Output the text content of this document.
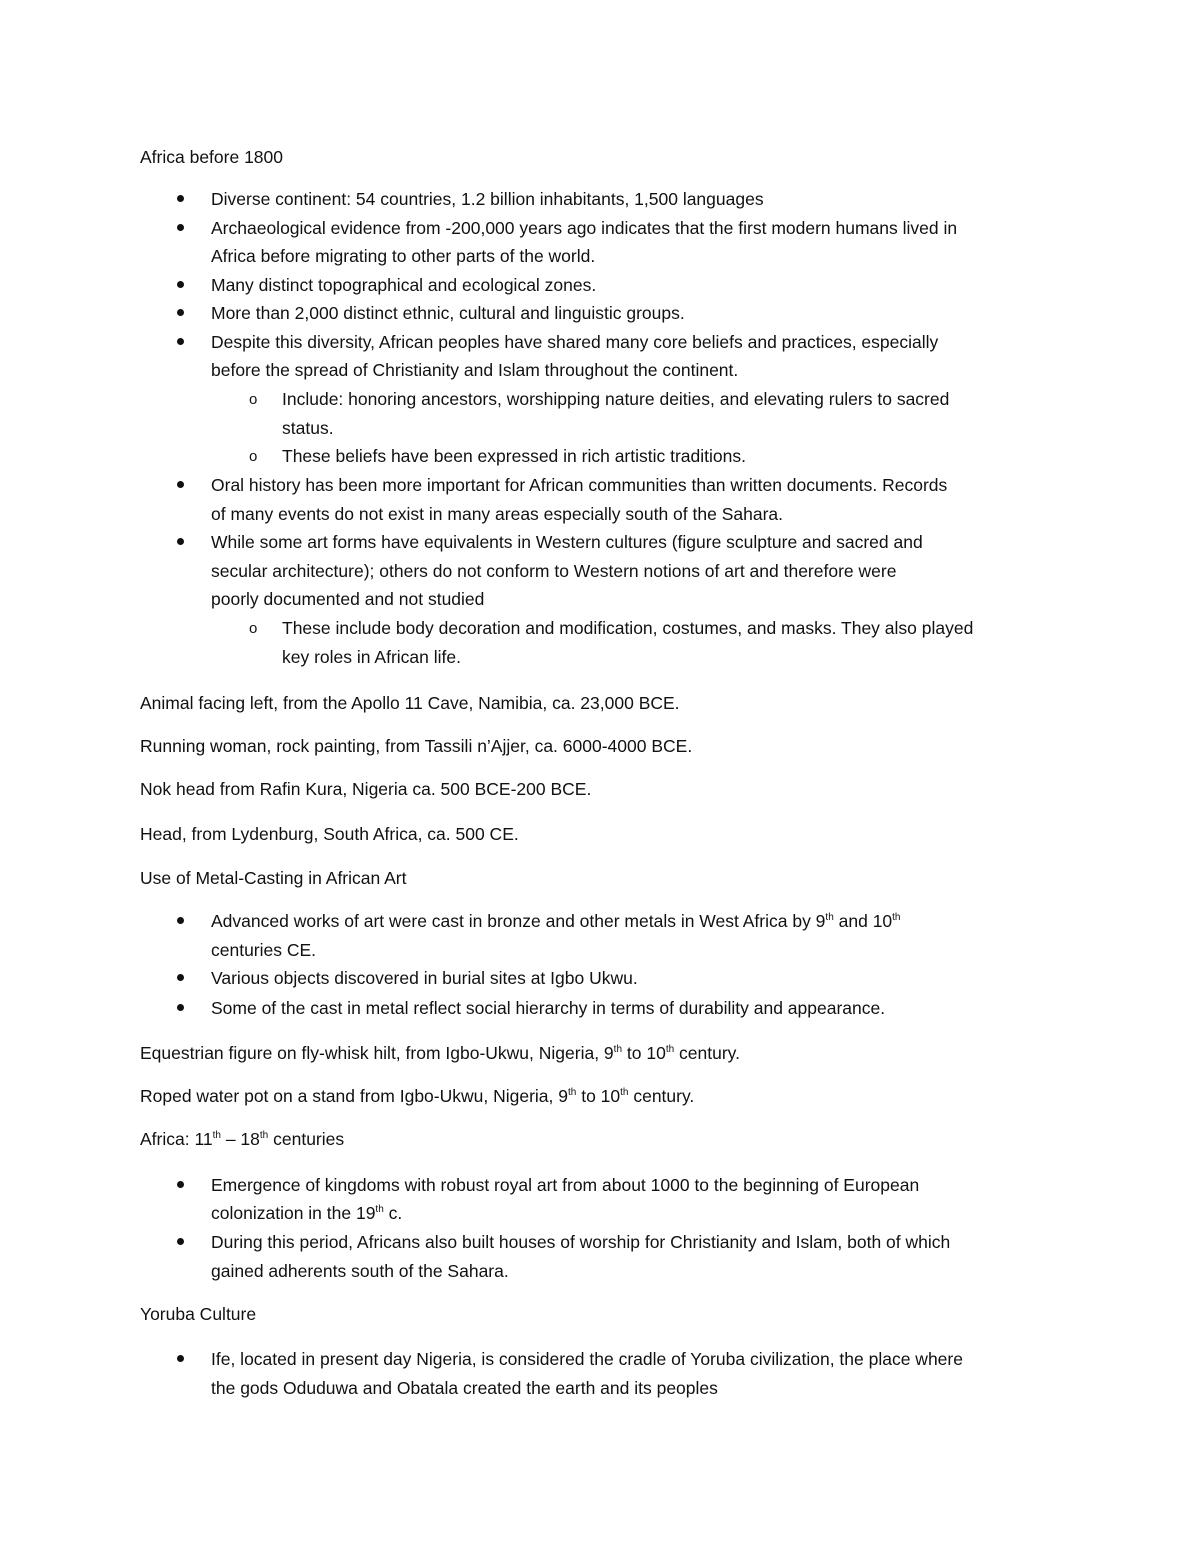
Africa before 1800
Diverse continent: 54 countries, 1.2 billion inhabitants, 1,500 languages
Archaeological evidence from -200,000 years ago indicates that the first modern humans lived in
Africa before migrating to other parts of the world.
Many distinct topographical and ecological zones.
More than 2,000 distinct ethnic, cultural and linguistic groups.
Despite this diversity, African peoples have shared many core beliefs and practices, especially
before the spread of Christianity and Islam throughout the continent.
o Include: honoring ancestors, worshipping nature deities, and elevating rulers to sacred
status.
o These beliefs have been expressed in rich artistic traditions.
Oral history has been more important for African communities than written documents. Records
of many events do not exist in many areas especially south of the Sahara.
While some art forms have equivalents in Western cultures (figure sculpture and sacred and
secular architecture); others do not conform to Western notions of art and therefore were
poorly documented and not studied
o These include body decoration and modification, costumes, and masks. They also played
key roles in African life.
Animal facing left, from the Apollo 11 Cave, Namibia, ca. 23,000 BCE.
Running woman, rock painting, from Tassili n’Ajjer, ca. 6000-4000 BCE.
Nok head from Rafin Kura, Nigeria ca. 500 BCE-200 BCE.
Head, from Lydenburg, South Africa, ca. 500 CE.
Use of Metal-Casting in African Art
Advanced works of art were cast in bronze and other metals in West Africa by 9th and 10th
centuries CE.
Various objects discovered in burial sites at Igbo Ukwu.
Some of the cast in metal reflect social hierarchy in terms of durability and appearance.
Equestrian figure on fly-whisk hilt, from Igbo-Ukwu, Nigeria, 9th to 10th century.
Roped water pot on a stand from Igbo-Ukwu, Nigeria, 9th to 10th century.
Africa: 11th – 18th centuries
Emergence of kingdoms with robust royal art from about 1000 to the beginning of European
colonization in the 19th c.
During this period, Africans also built houses of worship for Christianity and Islam, both of which
gained adherents south of the Sahara.
Yoruba Culture
Ife, located in present day Nigeria, is considered the cradle of Yoruba civilization, the place where
the gods Oduduwa and Obatala created the earth and its peoples
